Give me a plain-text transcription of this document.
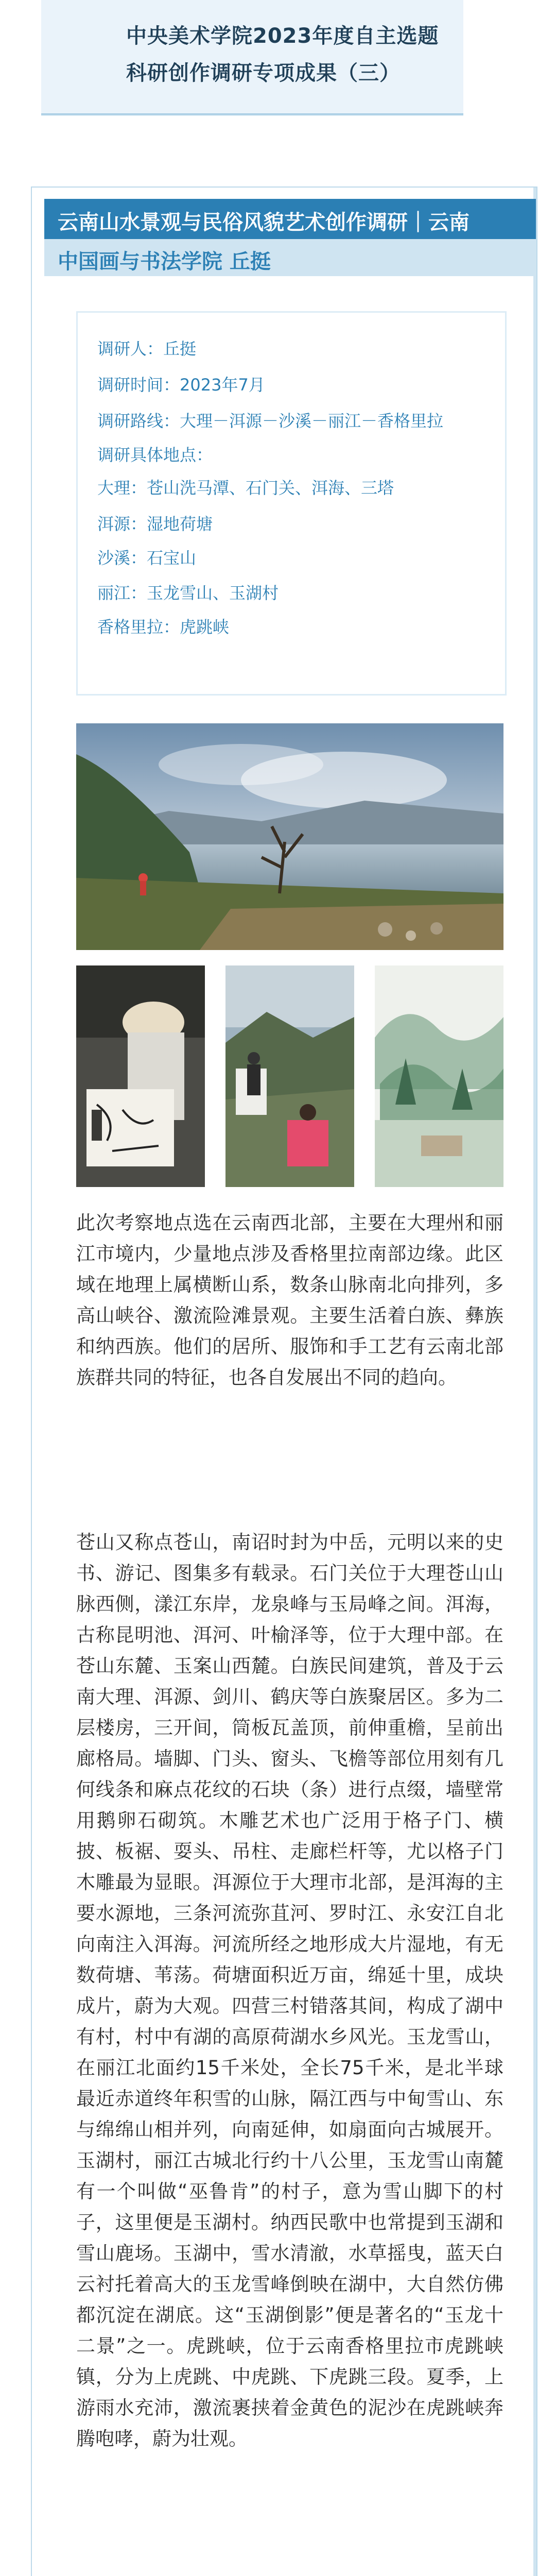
中央美术学院2023年度自主选题
科研创作调研专项成果（三）
云南山水景观与民俗风貌艺术创作调研｜云南
中国画与书法学院 丘挺
调研人：丘挺
调研时间：2023年7月
调研路线：大理－洱源－沙溪－丽江－香格里拉
调研具体地点：
大理：苍山洗马潭、石门关、洱海、三塔
洱源：湿地荷塘
沙溪：石宝山
丽江：玉龙雪山、玉湖村
香格里拉：虎跳峡
此次考察地点选在云南西北部，主要在大理州和丽江市境内，少量地点涉及香格里拉南部边缘。此区域在地理上属横断山系，数条山脉南北向排列，多高山峡谷、激流险滩景观。主要生活着白族、彝族和纳西族。他们的居所、服饰和手工艺有云南北部族群共同的特征，也各自发展出不同的趋向。
苍山又称点苍山，南诏时封为中岳，元明以来的史书、游记、图集多有载录。石门关位于大理苍山山脉西侧，漾江东岸，龙泉峰与玉局峰之间。洱海，古称昆明池、洱河、叶榆泽等，位于大理中部。在苍山东麓、玉案山西麓。白族民间建筑，普及于云南大理、洱源、剑川、鹤庆等白族聚居区。多为二层楼房，三开间，筒板瓦盖顶，前伸重檐，呈前出廊格局。墙脚、门头、窗头、飞檐等部位用刻有几何线条和麻点花纹的石块（条）进行点缀，墙壁常用鹅卵石砌筑。木雕艺术也广泛用于格子门、横披、板裾、耍头、吊柱、走廊栏杆等，尤以格子门木雕最为显眼。洱源位于大理市北部，是洱海的主要水源地，三条河流弥苴河、罗时江、永安江自北向南注入洱海。河流所经之地形成大片湿地，有无数荷塘、苇荡。荷塘面积近万亩，绵延十里，成块成片，蔚为大观。四营三村错落其间，构成了湖中有村，村中有湖的高原荷湖水乡风光。玉龙雪山，在丽江北面约15千米处，全长75千米，是北半球最近赤道终年积雪的山脉，隔江西与中甸雪山、东与绵绵山相并列，向南延伸，如扇面向古城展开。玉湖村，丽江古城北行约十八公里，玉龙雪山南麓有一个叫做“巫鲁肯”的村子，意为雪山脚下的村子，这里便是玉湖村。纳西民歌中也常提到玉湖和雪山鹿场。玉湖中，雪水清澈，水草摇曳，蓝天白云衬托着高大的玉龙雪峰倒映在湖中，大自然仿佛都沉淀在湖底。这“玉湖倒影”便是著名的“玉龙十二景”之一。虎跳峡，位于云南香格里拉市虎跳峡镇，分为上虎跳、中虎跳、下虎跳三段。夏季，上游雨水充沛，激流裹挟着金黄色的泥沙在虎跳峡奔腾咆哮，蔚为壮观。
